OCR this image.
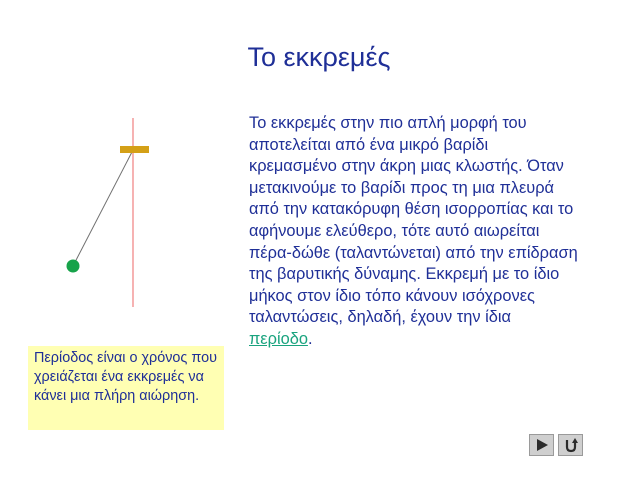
Το εκκρεμές
Το εκκρεμές στην πιο απλή μορφή του αποτελείται από ένα μικρό βαρίδι κρεμασμένο στην άκρη μιας κλωστής. Όταν μετακινούμε το βαρίδι προς τη μια πλευρά από την κατακόρυφη θέση ισορροπίας και το αφήνουμε ελεύθερο, τότε αυτό αιωρείται πέρα-δώθε (ταλαντώνεται) από την επίδραση της βαρυτικής δύναμης. Εκκρεμή με το ίδιο μήκος στον ίδιο τόπο κάνουν ισόχρονες ταλαντώσεις, δηλαδή, έχουν την ίδια περίοδο.
Περίοδος είναι ο χρόνος που χρειάζεται ένα εκκρεμές να κάνει μια πλήρη αιώρηση.
